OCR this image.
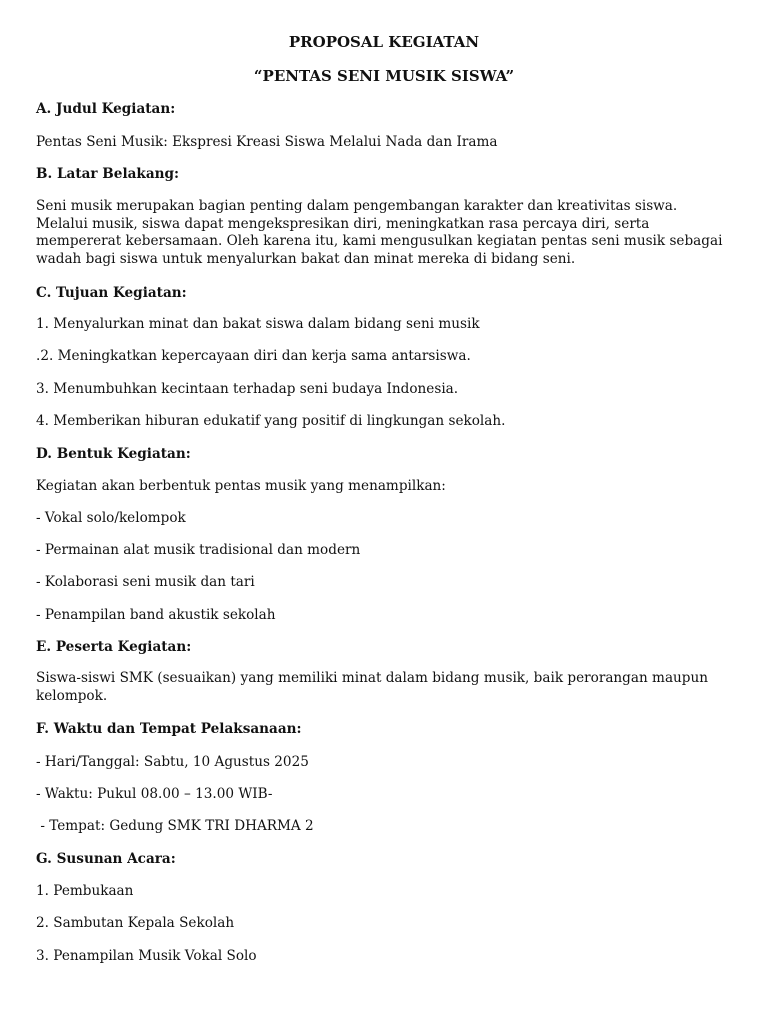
PROPOSAL KEGIATAN
“PENTAS SENI MUSIK SISWA”

A. Judul Kegiatan:

Pentas Seni Musik: Ekspresi Kreasi Siswa Melalui Nada dan Irama

B. Latar Belakang:

Seni musik merupakan bagian penting dalam pengembangan karakter dan kreativitas siswa. Melalui musik, siswa dapat mengekspresikan diri, meningkatkan rasa percaya diri, serta mempererat kebersamaan. Oleh karena itu, kami mengusulkan kegiatan pentas seni musik sebagai wadah bagi siswa untuk menyalurkan bakat dan minat mereka di bidang seni.

C. Tujuan Kegiatan:

1. Menyalurkan minat dan bakat siswa dalam bidang seni musik

.2. Meningkatkan kepercayaan diri dan kerja sama antarsiswa.

3. Menumbuhkan kecintaan terhadap seni budaya Indonesia.

4. Memberikan hiburan edukatif yang positif di lingkungan sekolah.

D. Bentuk Kegiatan:

Kegiatan akan berbentuk pentas musik yang menampilkan:

- Vokal solo/kelompok

- Permainan alat musik tradisional dan modern

- Kolaborasi seni musik dan tari

- Penampilan band akustik sekolah

E. Peserta Kegiatan:

Siswa-siswi SMK (sesuaikan) yang memiliki minat dalam bidang musik, baik perorangan maupun kelompok.

F. Waktu dan Tempat Pelaksanaan:

- Hari/Tanggal: Sabtu, 10 Agustus 2025

- Waktu: Pukul 08.00 – 13.00 WIB-

- Tempat: Gedung SMK TRI DHARMA 2

G. Susunan Acara:

1. Pembukaan

2. Sambutan Kepala Sekolah

3. Penampilan Musik Vokal Solo
